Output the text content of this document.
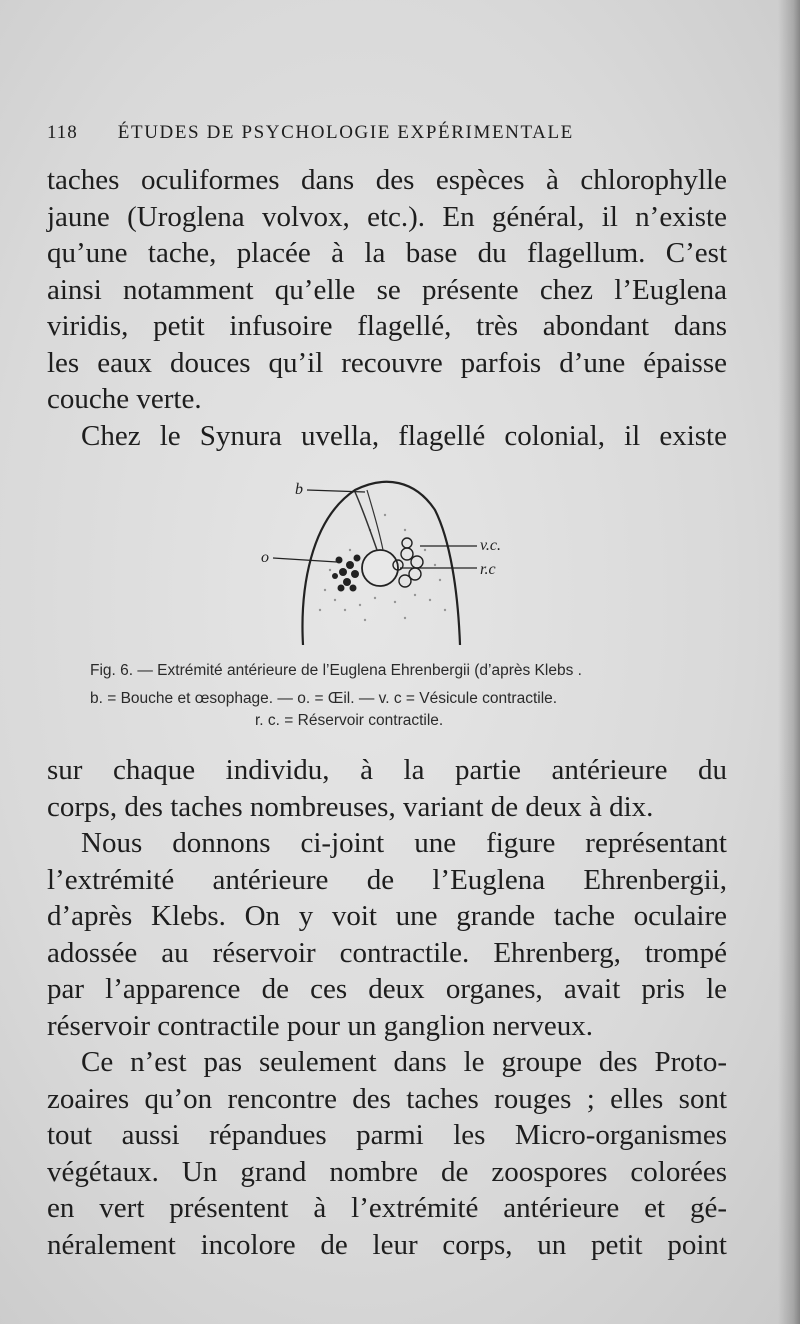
118 ÉTUDES DE PSYCHOLOGIE EXPÉRIMENTALE
taches oculiformes dans des espèces à chlorophylle
jaune (Uroglena volvox, etc.). En général, il n’existe
qu’une tache, placée à la base du flagellum. C’est
ainsi notamment qu’elle se présente chez l’Euglena
viridis, petit infusoire flagellé, très abondant dans
les eaux douces qu’il recouvre parfois d’une épaisse
couche verte.
Chez le Synura uvella, flagellé colonial, il existe
b
o
v.c.
r.c
Fig. 6. — Extrémité antérieure de l’Euglena Ehrenbergii (d’après Klebs .
b. = Bouche et œsophage. — o. = Œil. — v. c = Vésicule contractile.
r. c. = Réservoir contractile.
sur chaque individu, à la partie antérieure du
corps, des taches nombreuses, variant de deux à dix.
Nous donnons ci-joint une figure représentant
l’extrémité antérieure de l’Euglena Ehrenbergii,
d’après Klebs. On y voit une grande tache oculaire
adossée au réservoir contractile. Ehrenberg, trompé
par l’apparence de ces deux organes, avait pris le
réservoir contractile pour un ganglion nerveux.
Ce n’est pas seulement dans le groupe des Proto-
zoaires qu’on rencontre des taches rouges ; elles sont
tout aussi répandues parmi les Micro-organismes
végétaux. Un grand nombre de zoospores colorées
en vert présentent à l’extrémité antérieure et gé-
néralement incolore de leur corps, un petit point
